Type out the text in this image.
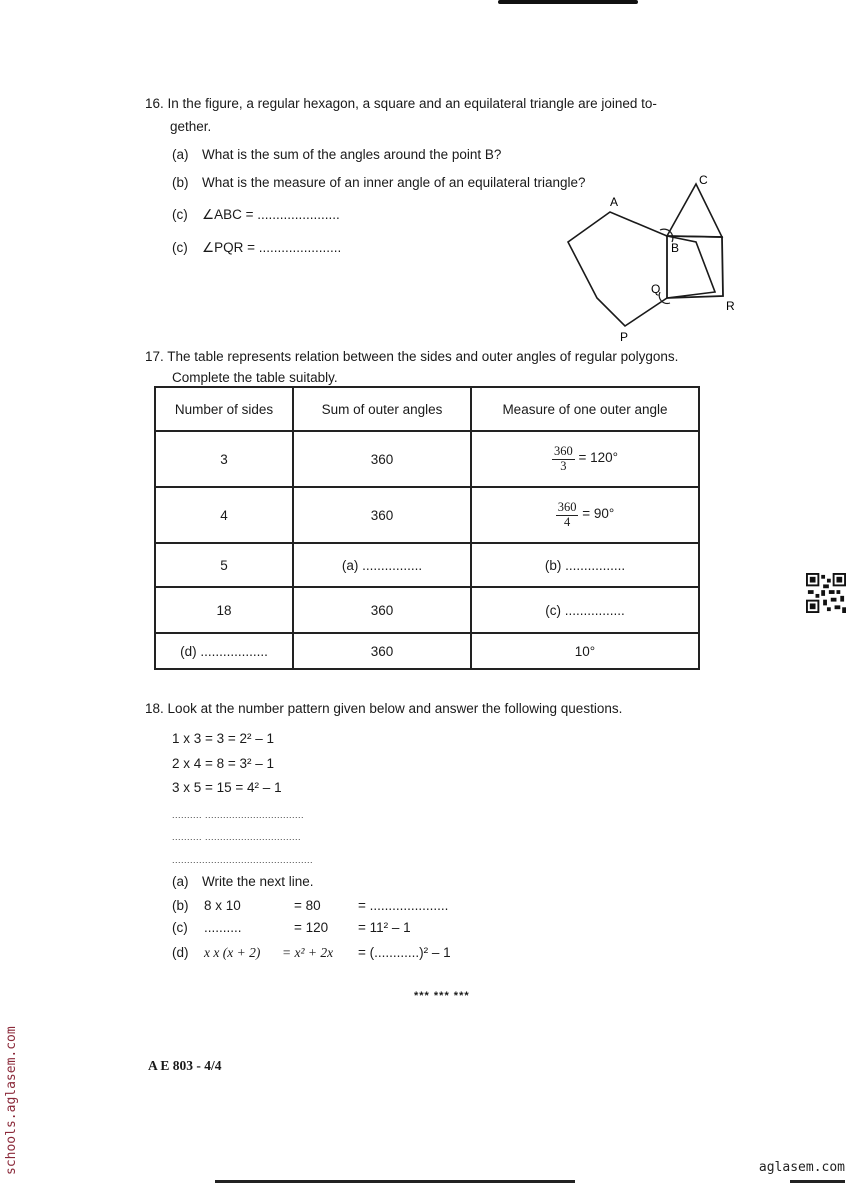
16. In the figure, a regular hexagon, a square and an equilateral triangle are joined to-
gether.
(a) What is the sum of the angles around the point B?
(b) What is the measure of an inner angle of an equilateral triangle?
(c) ∠ABC = ......................
(c) ∠PQR = ......................
A
B
C
Q
R
P
17. The table represents relation between the sides and outer angles of regular polygons.
Complete the table suitably.
Number of sides	Sum of outer angles	Measure of one outer angle
3	360	$\frac{360}{3} = 120^\circ$
4	360	$\frac{360}{4} = 90^\circ$
5	(a) ................	(b) ................
18	360	(c) ................
(d) ..................	360	10°
18. Look at the number pattern given below and answer the following questions.
1 x 3 = 3 = 2² – 1
2 x 4 = 8 = 3² – 1
3 x 5 = 15 = 4² – 1
.......... .................................
.......... ................................
...............................................
(a) Write the next line.
(b) 8 x 10	= 80	= .....................
(c) ..........	= 120 = 11² – 1
(d) x x (x + 2) = x² + 2x = (............)² – 1
*** *** ***
A E 803 - 4/4
schools.aglasem.com	aglasem.com
